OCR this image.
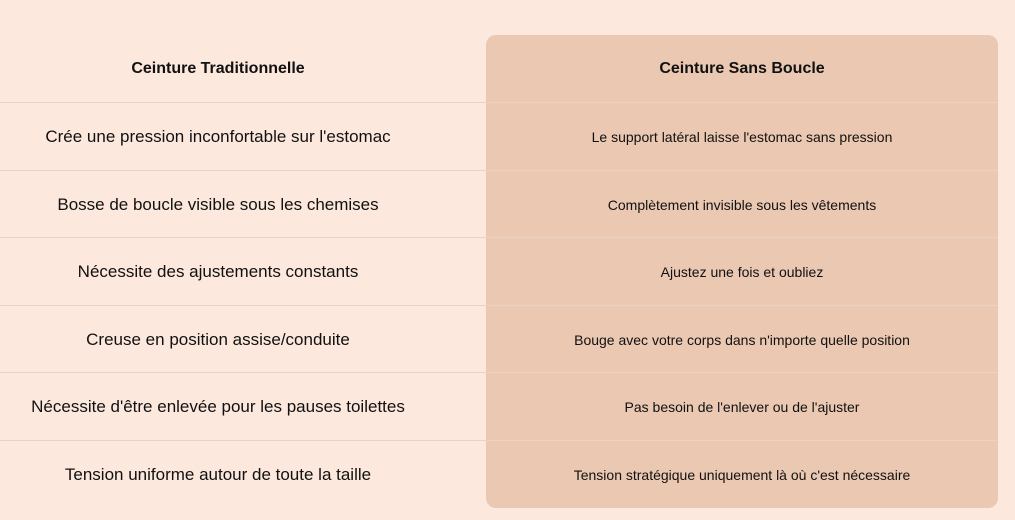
Ceinture Traditionnelle	Ceinture Sans Boucle
Crée une pression inconfortable sur l'estomac	Le support latéral laisse l'estomac sans pression
Bosse de boucle visible sous les chemises	Complètement invisible sous les vêtements
Nécessite des ajustements constants	Ajustez une fois et oubliez
Creuse en position assise/conduite	Bouge avec votre corps dans n'importe quelle position
Nécessite d'être enlevée pour les pauses toilettes	Pas besoin de l'enlever ou de l'ajuster
Tension uniforme autour de toute la taille	Tension stratégique uniquement là où c'est nécessaire
